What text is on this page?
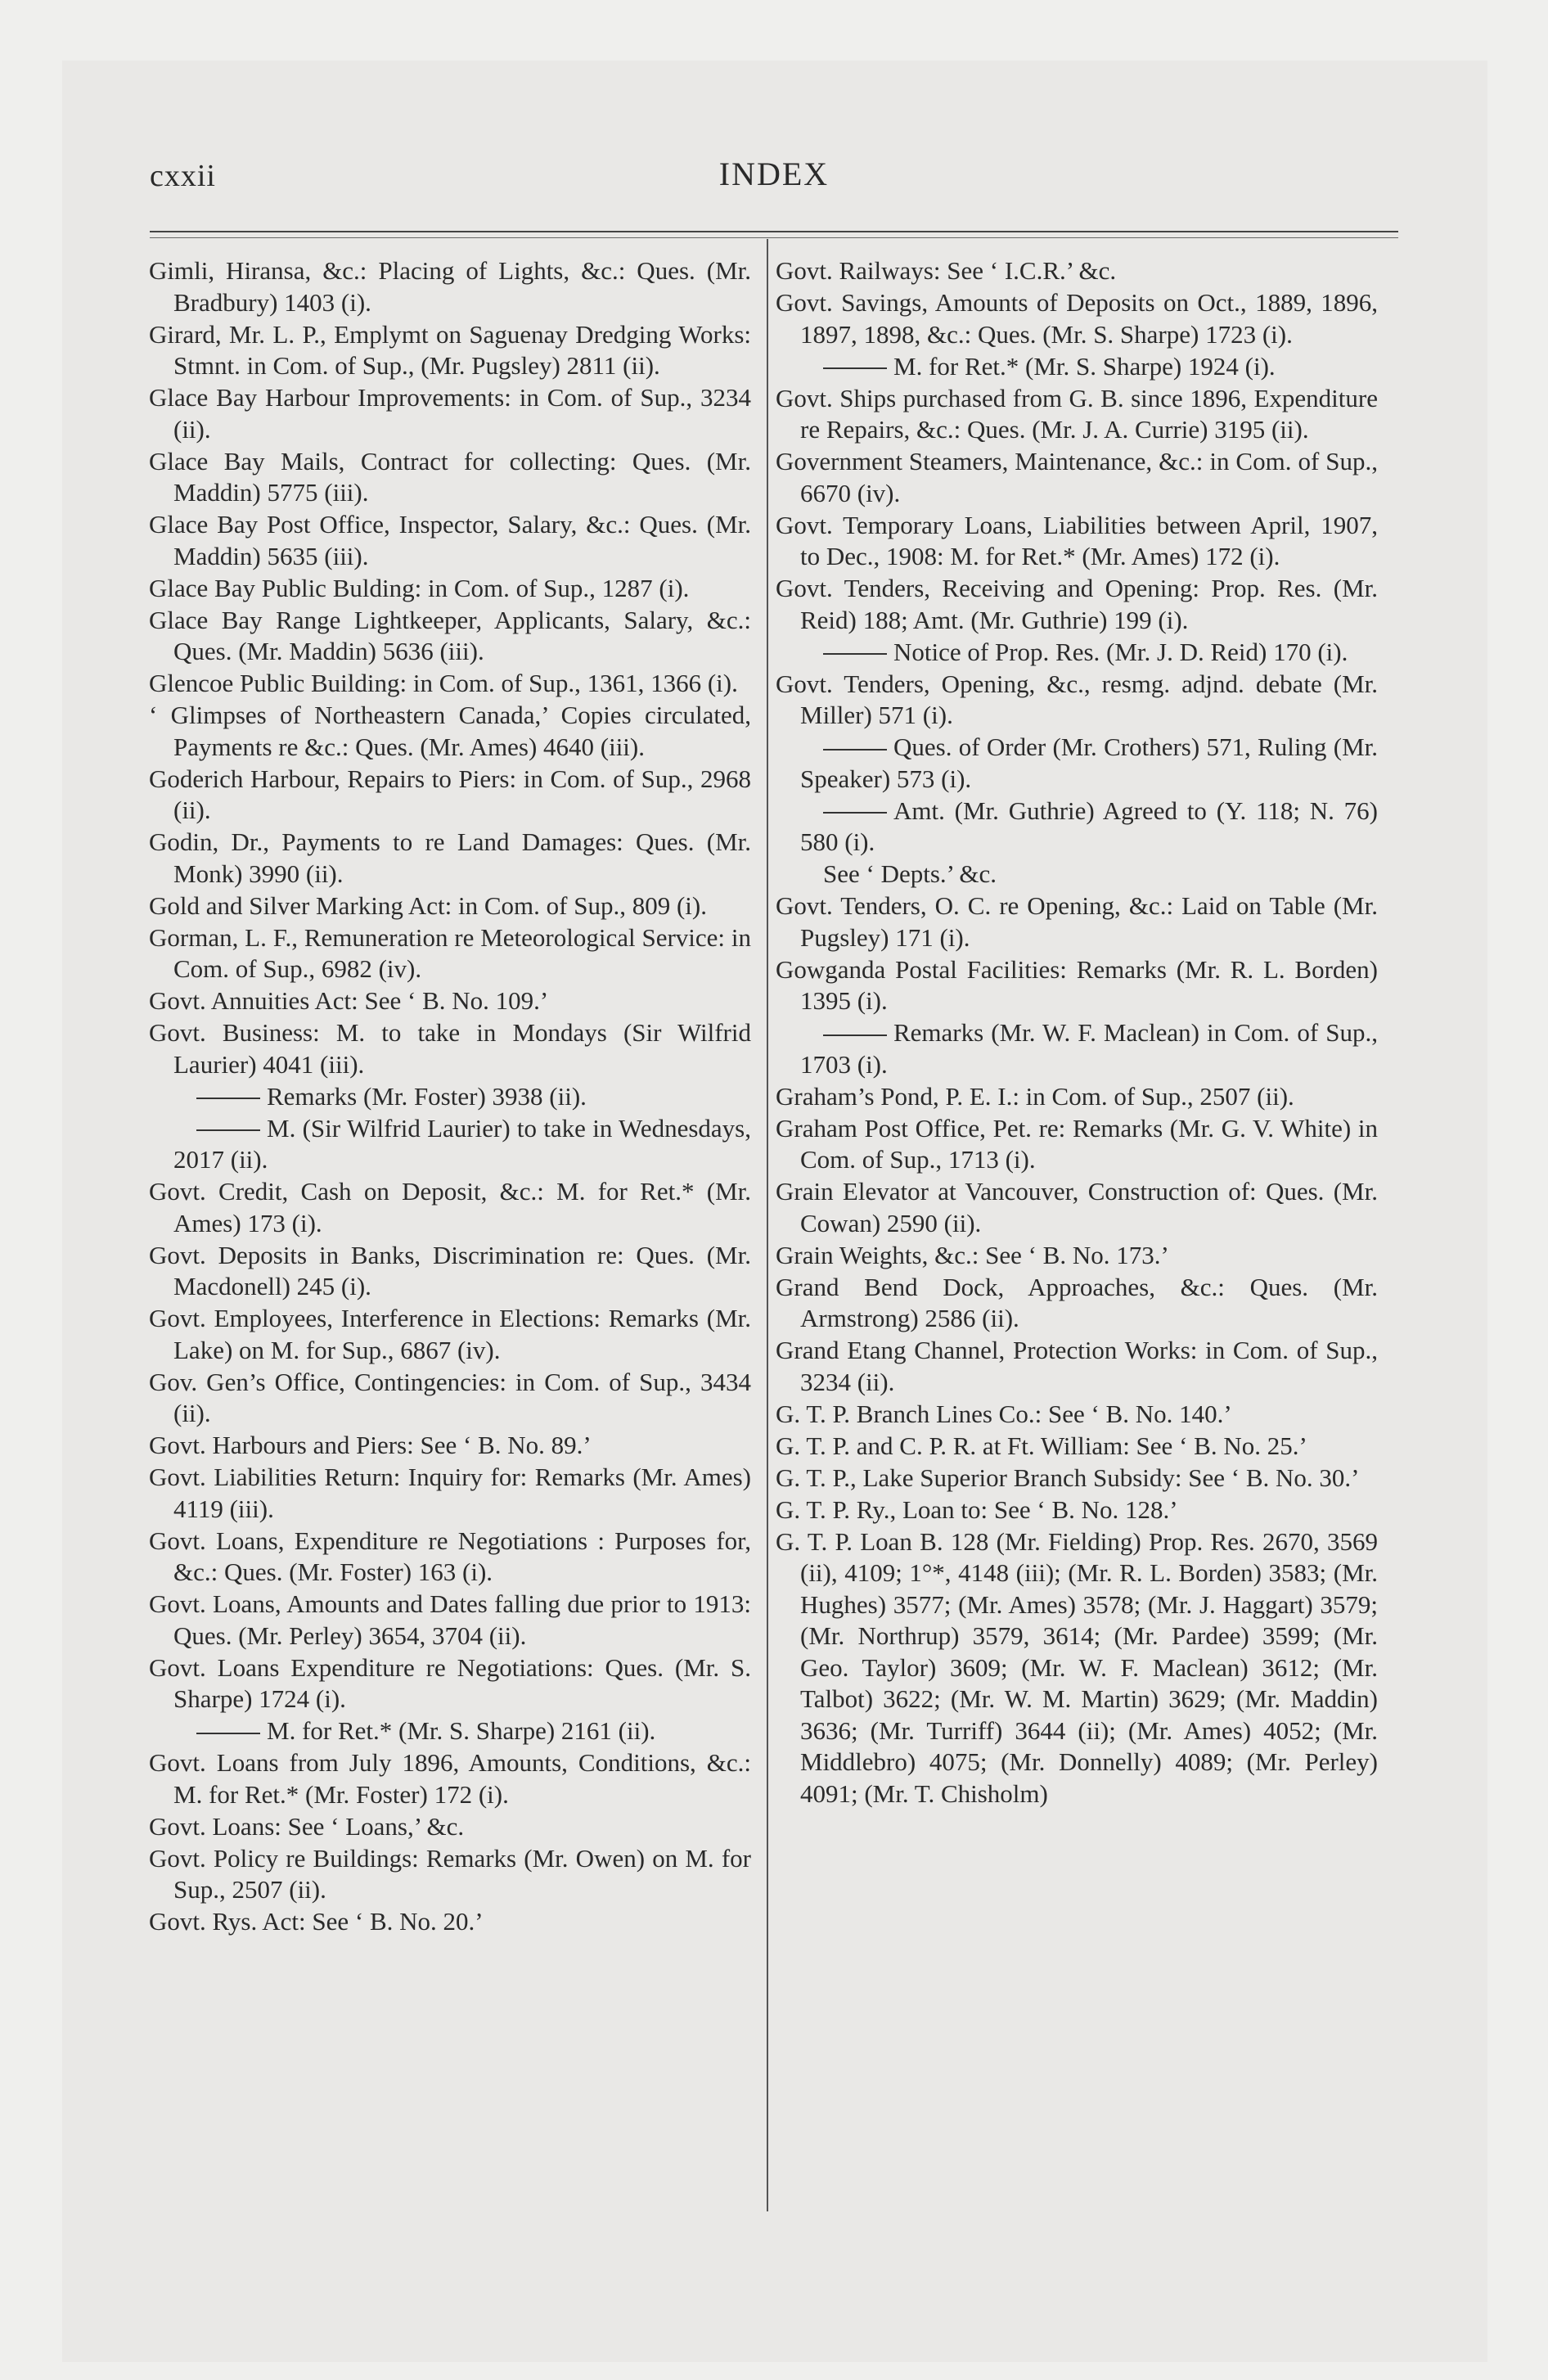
cxxii	INDEX

Gimli, Hiransa, &c.: Placing of Lights, &c.: Ques. (Mr. Bradbury) 1403 (i).

Girard, Mr. L. P., Emplymt on Saguenay Dredging Works: Stmnt. in Com. of Sup., (Mr. Pugsley) 2811 (ii).

Glace Bay Harbour Improvements: in Com. of Sup., 3234 (ii).

Glace Bay Mails, Contract for collecting: Ques. (Mr. Maddin) 5775 (iii).

Glace Bay Post Office, Inspector, Salary, &c.: Ques. (Mr. Maddin) 5635 (iii).

Glace Bay Public Bulding: in Com. of Sup., 1287 (i).

Glace Bay Range Lightkeeper, Applicants, Salary, &c.: Ques. (Mr. Maddin) 5636 (iii).

Glencoe Public Building: in Com. of Sup., 1361, 1366 (i).

‘ Glimpses of Northeastern Canada,’ Copies circulated, Payments re &c.: Ques. (Mr. Ames) 4640 (iii).

Goderich Harbour, Repairs to Piers: in Com. of Sup., 2968 (ii).

Godin, Dr., Payments to re Land Damages: Ques. (Mr. Monk) 3990 (ii).

Gold and Silver Marking Act: in Com. of Sup., 809 (i).

Gorman, L. F., Remuneration re Meteorological Service: in Com. of Sup., 6982 (iv).

Govt. Annuities Act: See ‘ B. No. 109.’

Govt. Business: M. to take in Mondays (Sir Wilfrid Laurier) 4041 (iii).

Remarks (Mr. Foster) 3938 (ii).

M. (Sir Wilfrid Laurier) to take in Wednesdays, 2017 (ii).

Govt. Credit, Cash on Deposit, &c.: M. for Ret.* (Mr. Ames) 173 (i).

Govt. Deposits in Banks, Discrimination re: Ques. (Mr. Macdonell) 245 (i).

Govt. Employees, Interference in Elections: Remarks (Mr. Lake) on M. for Sup., 6867 (iv).

Gov. Gen’s Office, Contingencies: in Com. of Sup., 3434 (ii).

Govt. Harbours and Piers: See ‘ B. No. 89.’

Govt. Liabilities Return: Inquiry for: Remarks (Mr. Ames) 4119 (iii).

Govt. Loans, Expenditure re Negotiations : Purposes for, &c.: Ques. (Mr. Foster) 163 (i).

Govt. Loans, Amounts and Dates falling due prior to 1913: Ques. (Mr. Perley) 3654, 3704 (ii).

Govt. Loans Expenditure re Negotiations: Ques. (Mr. S. Sharpe) 1724 (i).

M. for Ret.* (Mr. S. Sharpe) 2161 (ii).

Govt. Loans from July 1896, Amounts, Conditions, &c.: M. for Ret.* (Mr. Foster) 172 (i).

Govt. Loans: See ‘ Loans,’ &c.

Govt. Policy re Buildings: Remarks (Mr. Owen) on M. for Sup., 2507 (ii).

Govt. Rys. Act: See ‘ B. No. 20.’

Govt. Railways: See ‘ I.C.R.’ &c.

Govt. Savings, Amounts of Deposits on Oct., 1889, 1896, 1897, 1898, &c.: Ques. (Mr. S. Sharpe) 1723 (i).

M. for Ret.* (Mr. S. Sharpe) 1924 (i).

Govt. Ships purchased from G. B. since 1896, Expenditure re Repairs, &c.: Ques. (Mr. J. A. Currie) 3195 (ii).

Government Steamers, Maintenance, &c.: in Com. of Sup., 6670 (iv).

Govt. Temporary Loans, Liabilities between April, 1907, to Dec., 1908: M. for Ret.* (Mr. Ames) 172 (i).

Govt. Tenders, Receiving and Opening: Prop. Res. (Mr. Reid) 188; Amt. (Mr. Guthrie) 199 (i).

Notice of Prop. Res. (Mr. J. D. Reid) 170 (i).

Govt. Tenders, Opening, &c., resmg. adjnd. debate (Mr. Miller) 571 (i).

Ques. of Order (Mr. Crothers) 571, Ruling (Mr. Speaker) 573 (i).

Amt. (Mr. Guthrie) Agreed to (Y. 118; N. 76) 580 (i).

See ‘ Depts.’ &c.

Govt. Tenders, O. C. re Opening, &c.: Laid on Table (Mr. Pugsley) 171 (i).

Gowganda Postal Facilities: Remarks (Mr. R. L. Borden) 1395 (i).

Remarks (Mr. W. F. Maclean) in Com. of Sup., 1703 (i).

Graham’s Pond, P. E. I.: in Com. of Sup., 2507 (ii).

Graham Post Office, Pet. re: Remarks (Mr. G. V. White) in Com. of Sup., 1713 (i).

Grain Elevator at Vancouver, Construction of: Ques. (Mr. Cowan) 2590 (ii).

Grain Weights, &c.: See ‘ B. No. 173.’

Grand Bend Dock, Approaches, &c.: Ques. (Mr. Armstrong) 2586 (ii).

Grand Etang Channel, Protection Works: in Com. of Sup., 3234 (ii).

G. T. P. Branch Lines Co.: See ‘ B. No. 140.’

G. T. P. and C. P. R. at Ft. William: See ‘ B. No. 25.’

G. T. P., Lake Superior Branch Subsidy: See ‘ B. No. 30.’

G. T. P. Ry., Loan to: See ‘ B. No. 128.’

G. T. P. Loan B. 128 (Mr. Fielding) Prop. Res. 2670, 3569 (ii), 4109; 1°*, 4148 (iii); (Mr. R. L. Borden) 3583; (Mr. Hughes) 3577; (Mr. Ames) 3578; (Mr. J. Haggart) 3579; (Mr. Northrup) 3579, 3614; (Mr. Pardee) 3599; (Mr. Geo. Taylor) 3609; (Mr. W. F. Maclean) 3612; (Mr. Talbot) 3622; (Mr. W. M. Martin) 3629; (Mr. Maddin) 3636; (Mr. Turriff) 3644 (ii); (Mr. Ames) 4052; (Mr. Middlebro) 4075; (Mr. Donnelly) 4089; (Mr. Perley) 4091; (Mr. T. Chisholm)
